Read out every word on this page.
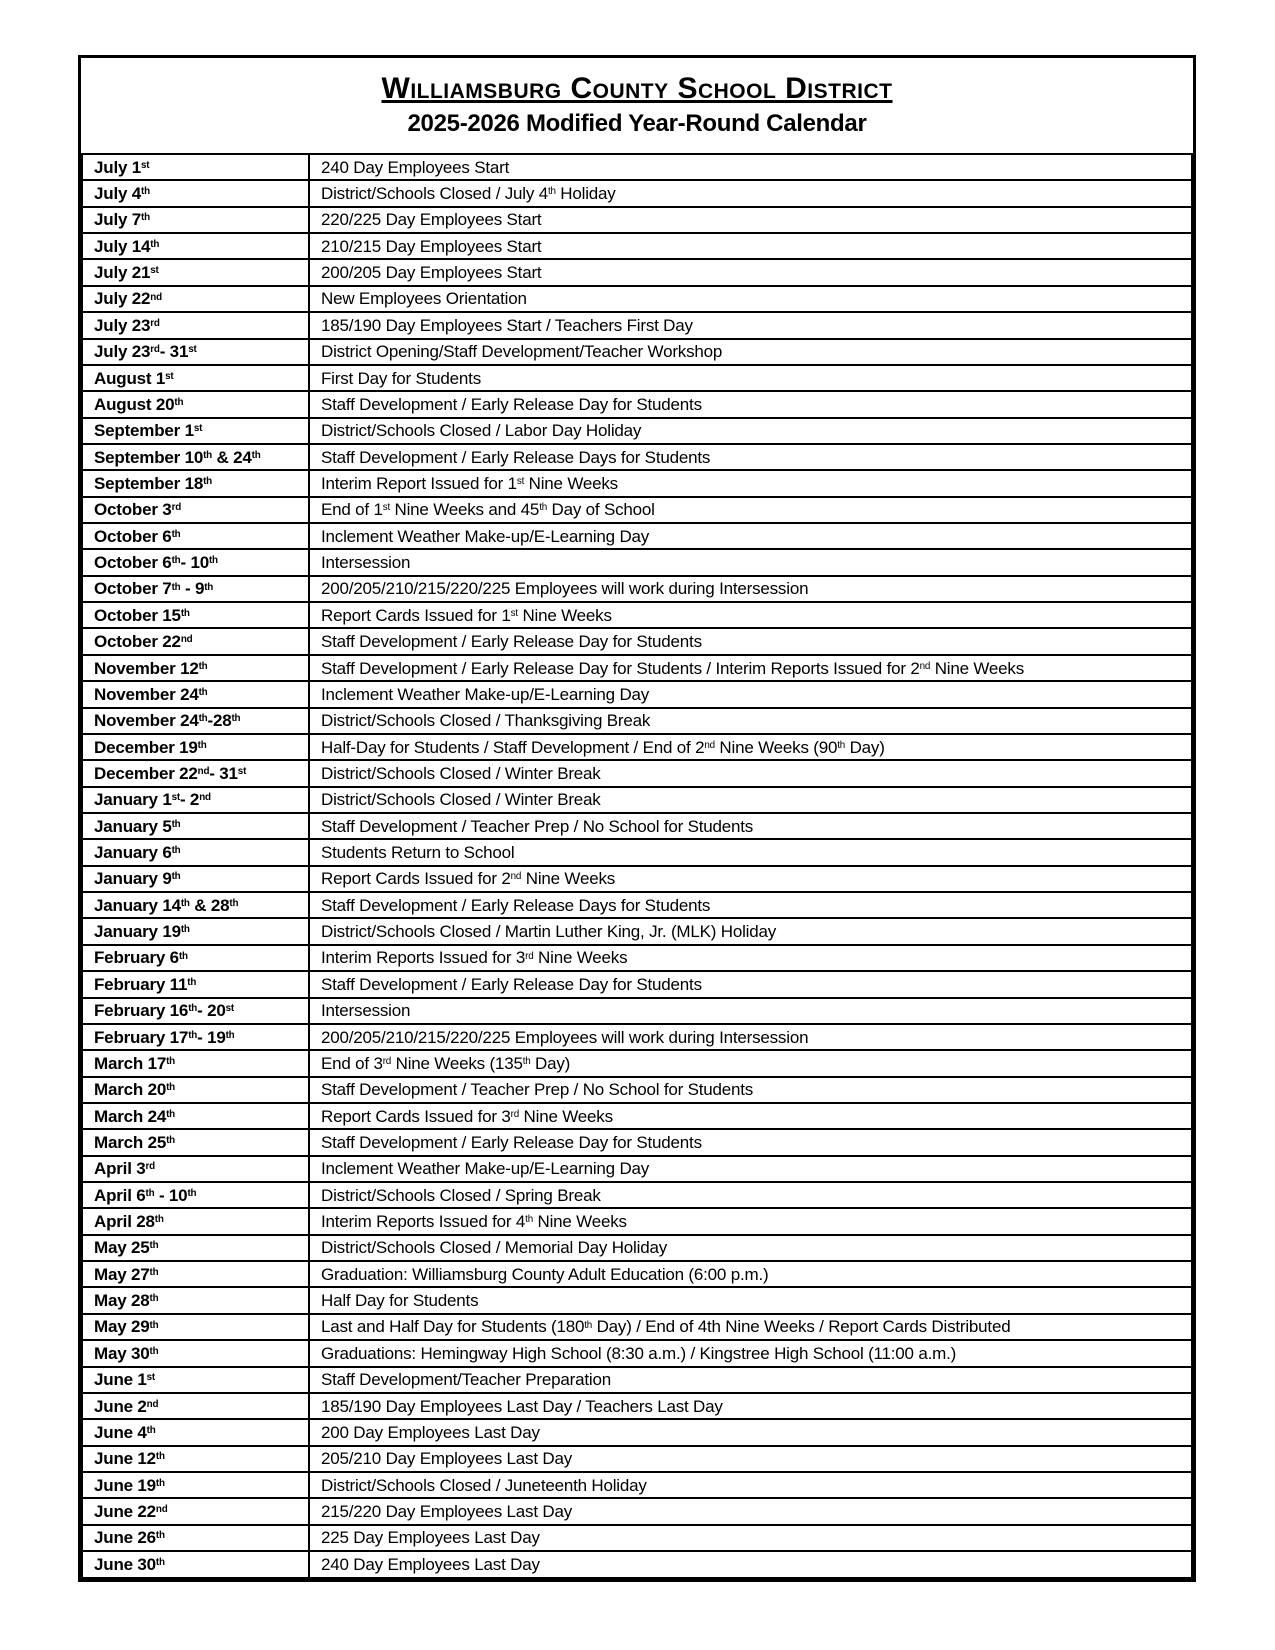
Williamsburg County School District
2025-2026 Modified Year-Round Calendar
July 1st	240 Day Employees Start
July 4th	District/Schools Closed / July 4th Holiday
July 7th	220/225 Day Employees Start
July 14th	210/215 Day Employees Start
July 21st	200/205 Day Employees Start
July 22nd	New Employees Orientation
July 23rd	185/190 Day Employees Start / Teachers First Day
July 23rd- 31st	District Opening/Staff Development/Teacher Workshop
August 1st	First Day for Students
August 20th	Staff Development / Early Release Day for Students
September 1st	District/Schools Closed / Labor Day Holiday
September 10th & 24th	Staff Development / Early Release Days for Students
September 18th	Interim Report Issued for 1st Nine Weeks
October 3rd	End of 1st Nine Weeks and 45th Day of School
October 6th	Inclement Weather Make-up/E-Learning Day
October 6th- 10th	Intersession
October 7th - 9th	200/205/210/215/220/225 Employees will work during Intersession
October 15th	Report Cards Issued for 1st Nine Weeks
October 22nd	Staff Development / Early Release Day for Students
November 12th	Staff Development / Early Release Day for Students / Interim Reports Issued for 2nd Nine Weeks
November 24th	Inclement Weather Make-up/E-Learning Day
November 24th-28th	District/Schools Closed / Thanksgiving Break
December 19th	Half-Day for Students / Staff Development / End of 2nd Nine Weeks (90th Day)
December 22nd- 31st	District/Schools Closed / Winter Break
January 1st- 2nd	District/Schools Closed / Winter Break
January 5th	Staff Development / Teacher Prep / No School for Students
January 6th	Students Return to School
January 9th	Report Cards Issued for 2nd Nine Weeks
January 14th & 28th	Staff Development / Early Release Days for Students
January 19th	District/Schools Closed / Martin Luther King, Jr. (MLK) Holiday
February 6th	Interim Reports Issued for 3rd Nine Weeks
February 11th	Staff Development / Early Release Day for Students
February 16th- 20st	Intersession
February 17th- 19th	200/205/210/215/220/225 Employees will work during Intersession
March 17th	End of 3rd Nine Weeks (135th Day)
March 20th	Staff Development / Teacher Prep / No School for Students
March 24th	Report Cards Issued for 3rd Nine Weeks
March 25th	Staff Development / Early Release Day for Students
April 3rd	Inclement Weather Make-up/E-Learning Day
April 6th - 10th	District/Schools Closed / Spring Break
April 28th	Interim Reports Issued for 4th Nine Weeks
May 25th	District/Schools Closed / Memorial Day Holiday
May 27th	Graduation: Williamsburg County Adult Education (6:00 p.m.)
May 28th	Half Day for Students
May 29th	Last and Half Day for Students (180th Day) / End of 4th Nine Weeks / Report Cards Distributed
May 30th	Graduations: Hemingway High School (8:30 a.m.) / Kingstree High School (11:00 a.m.)
June 1st	Staff Development/Teacher Preparation
June 2nd	185/190 Day Employees Last Day / Teachers Last Day
June 4th	200 Day Employees Last Day
June 12th	205/210 Day Employees Last Day
June 19th	District/Schools Closed / Juneteenth Holiday
June 22nd	215/220 Day Employees Last Day
June 26th	225 Day Employees Last Day
June 30th	240 Day Employees Last Day
